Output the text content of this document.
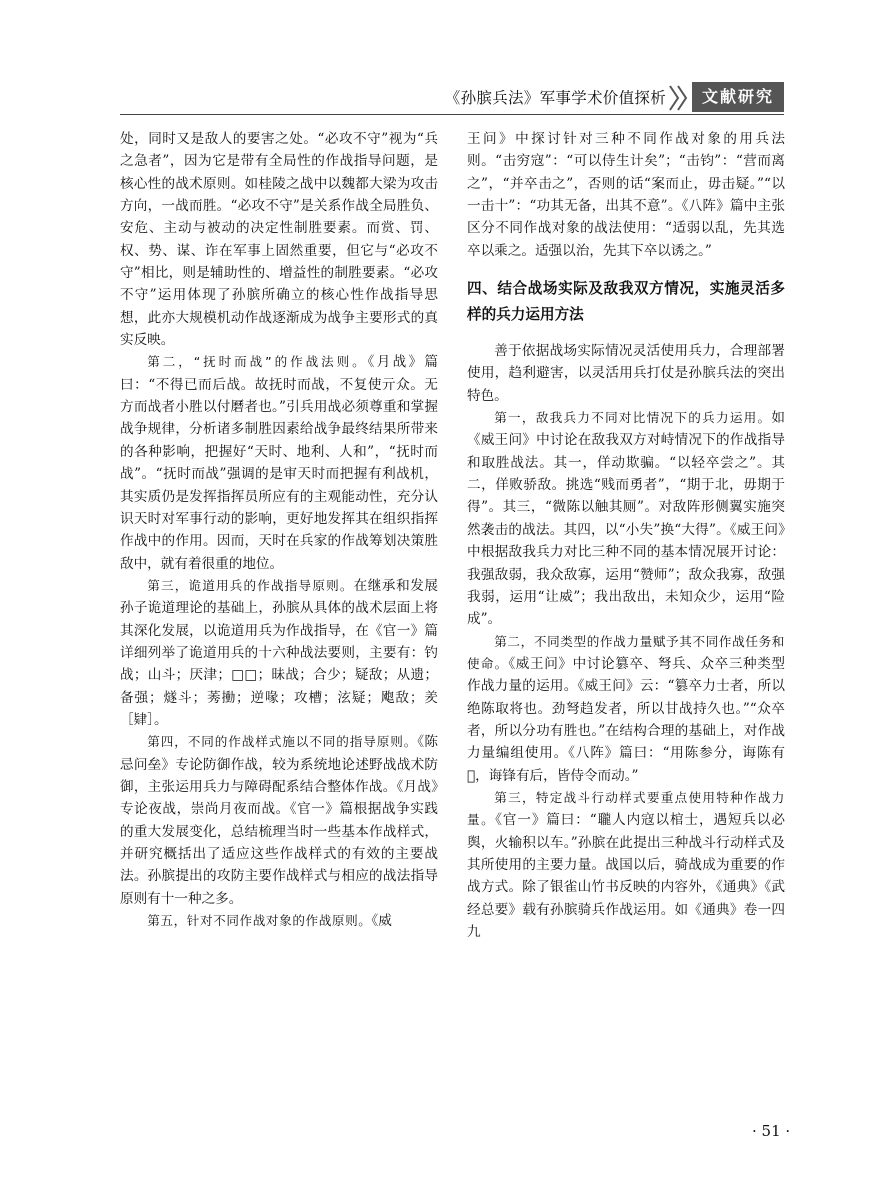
《孙膑兵法》军事学术价值探析	文献研究

处，同时又是敌人的要害之处。“必攻不守”视为“兵之急者”，因为它是带有全局性的作战指导问题，是核心性的战术原则。如桂陵之战中以魏都大梁为攻击方向，一战而胜。“必攻不守”是关系作战全局胜负、安危、主动与被动的决定性制胜要素。而赏、罚、权、势、谋、诈在军事上固然重要，但它与“必攻不守”相比，则是辅助性的、增益性的制胜要素。“必攻不守”运用体现了孙膑所确立的核心性作战指导思想，此亦大规模机动作战逐渐成为战争主要形式的真实反映。

第二，“抚时而战”的作战法则。《月战》篇曰：“不得已而后战。故抚时而战，不复使亓众。无方而战者小胜以付磿者也。”引兵用战必须尊重和掌握战争规律，分析诸多制胜因素给战争最终结果所带来的各种影响，把握好“天时、地利、人和”，“抚时而战”。“抚时而战”强调的是审天时而把握有利战机，其实质仍是发挥指挥员所应有的主观能动性，充分认识天时对军事行动的影响，更好地发挥其在组织指挥作战中的作用。因而，天时在兵家的作战筹划决策胜敌中，就有着很重的地位。

第三，诡道用兵的作战指导原则。在继承和发展孙子诡道理论的基础上，孙膑从具体的战术层面上将其深化发展，以诡道用兵为作战指导，在《官一》篇详细列举了诡道用兵的十六种战法要则，主要有：钓战；山斗；厌津；□□；昧战；合少；疑敌；从遗；备强；燧斗；莠𢳾；逆喙；攻槽；泫疑；飑敌；羑［肄］。

第四，不同的作战样式施以不同的指导原则。《陈忌问垒》专论防御作战，较为系统地论述野战战术防御，主张运用兵力与障碍配系结合整体作战。《月战》专论夜战，崇尚月夜而战。《官一》篇根据战争实践的重大发展变化，总结梳理当时一些基本作战样式，并研究概括出了适应这些作战样式的有效的主要战法。孙膑提出的攻防主要作战样式与相应的战法指导原则有十一种之多。

第五，针对不同作战对象的作战原则。《威

王问》中探讨针对三种不同作战对象的用兵法则。“击穷寇”：“可以侍生计矣”；“击钧”：“营而离之”，“并卒击之”，否则的话“案而止，毋击疑。”“以一击十”：“功其无备，出其不意”。《八阵》篇中主张区分不同作战对象的战法使用：“适弱以乱，先其选卒以乘之。适强以治，先其下卒以诱之。”

四、结合战场实际及敌我双方情况，实施灵活多样的兵力运用方法

善于依据战场实际情况灵活使用兵力，合理部署使用，趋利避害，以灵活用兵打仗是孙膑兵法的突出特色。

第一，敌我兵力不同对比情况下的兵力运用。如《威王问》中讨论在敌我双方对峙情况下的作战指导和取胜战法。其一，佯动欺骗。“以轻卒尝之”。其二，佯败骄敌。挑选“贱而勇者”，“期于北，毋期于得”。其三，“微陈以触其厕”。对敌阵形侧翼实施突然袭击的战法。其四，以“小失”换“大得”。《威王问》中根据敌我兵力对比三种不同的基本情况展开讨论：我强敌弱，我众敌寡，运用“赞师”；敌众我寡，敌强我弱，运用“让威”；我出敌出，未知众少，运用“险成”。

第二，不同类型的作战力量赋予其不同作战任务和使命。《威王问》中讨论篡卒、弩兵、众卒三种类型作战力量的运用。《威王问》云：“篡卒力士者，所以绝陈取将也。劲弩趋发者，所以甘战持久也。”“众卒者，所以分功有胜也。”在结构合理的基础上，对作战力量编组使用。《八阵》篇曰：“用陈参分，诲陈有𠦤，诲锋有后，皆侍令而动。”

第三，特定战斗行动样式要重点使用特种作战力量。《官一》篇曰：“䏊人内寇以棺士，遇短兵以必舆，火输积以车。”孙膑在此提出三种战斗行动样式及其所使用的主要力量。战国以后，骑战成为重要的作战方式。除了银雀山竹书反映的内容外，《通典》《武经总要》载有孙膑骑兵作战运用。如《通典》卷一四九

· 51 ·
